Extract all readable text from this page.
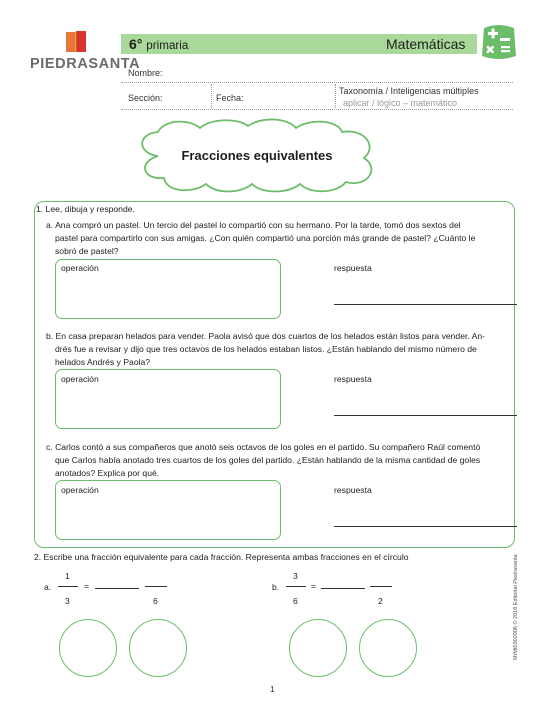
PIEDRASANTA
6° primaria	Matemáticas
Nombre:
Sección:	Fecha:
Taxonomía / Inteligencias múltiples
aplicar / lógico – matemático
Fracciones equivalentes
1. Lee, dibuja y responde.
a. Ana compró un pastel. Un tercio del pastel lo compartió con su hermano. Por la tarde, tomó dos sextos del
pastel para compartirlo con sus amigas. ¿Con quién compartió una porción más grande de pastel? ¿Cuánto le
sobró de pastel?
operación	respuesta
b. En casa preparan helados para vender. Paola avisó que dos cuartos de los helados están listos para vender. An-
drés fue a revisar y dijo que tres octavos de los helados estaban listos. ¿Están hablando del mismo número de
helados Andrés y Paola?
operación	respuesta
c. Carlos contó a sus compañeros que anotó seis octavos de los goles en el partido. Su compañero Raúl comentó
que Carlos había anotado tres cuartos de los goles del partido. ¿Están hablando de la misma cantidad de goles
anotados? Explica por qué.
operación	respuesta
2. Escribe una fracción equivalente para cada fracción. Representa ambas fracciones en el círculo
a.
1
3
=
6
b.
3
6
=
2	MrMt0302006 © 2018 Editorial Piedrasanta
1
